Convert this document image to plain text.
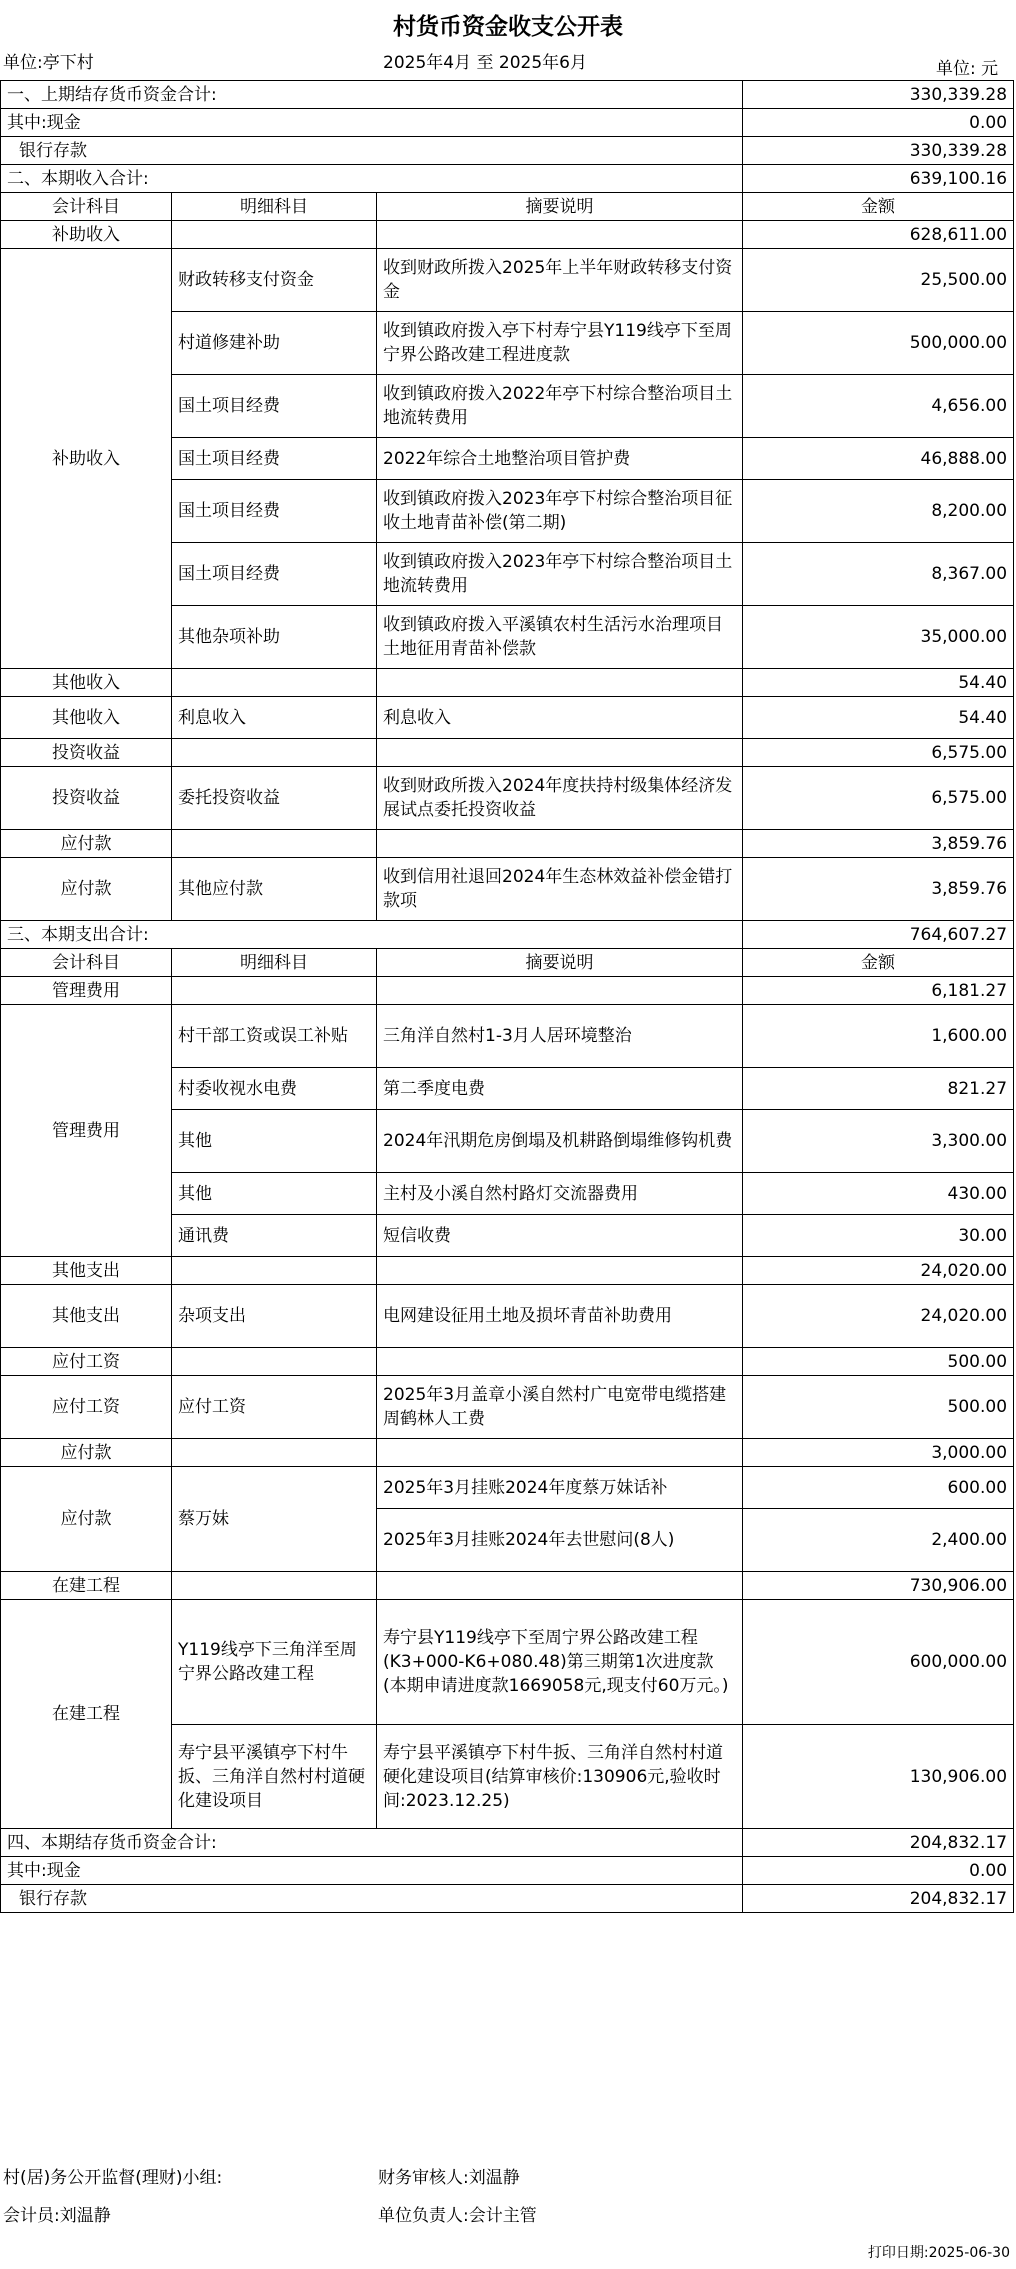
村货币资金收支公开表
单位:亭下村	2025年4月 至 2025年6月	单位: 元
一、上期结存货币资金合计:			330,339.28
其中:现金			0.00
银行存款			330,339.28
二、本期收入合计:			639,100.16
会计科目	明细科目	摘要说明	金额
补助收入			628,611.00
补助收入	财政转移支付资金	收到财政所拨入2025年上半年财政转移支付资金	25,500.00
	村道修建补助	收到镇政府拨入亭下村寿宁县Y119线亭下至周宁界公路改建工程进度款	500,000.00
	国土项目经费	收到镇政府拨入2022年亭下村综合整治项目土地流转费用	4,656.00
	国土项目经费	2022年综合土地整治项目管护费	46,888.00
	国土项目经费	收到镇政府拨入2023年亭下村综合整治项目征收土地青苗补偿(第二期)	8,200.00
	国土项目经费	收到镇政府拨入2023年亭下村综合整治项目土地流转费用	8,367.00
	其他杂项补助	收到镇政府拨入平溪镇农村生活污水治理项目土地征用青苗补偿款	35,000.00
其他收入			54.40
其他收入	利息收入	利息收入	54.40
投资收益			6,575.00
投资收益	委托投资收益	收到财政所拨入2024年度扶持村级集体经济发展试点委托投资收益	6,575.00
应付款			3,859.76
应付款	其他应付款	收到信用社退回2024年生态林效益补偿金错打款项	3,859.76
三、本期支出合计:			764,607.27
会计科目	明细科目	摘要说明	金额
管理费用			6,181.27
管理费用	村干部工资或误工补贴	三角洋自然村1-3月人居环境整治	1,600.00
	村委收视水电费	第二季度电费	821.27
	其他	2024年汛期危房倒塌及机耕路倒塌维修钩机费	3,300.00
	其他	主村及小溪自然村路灯交流器费用	430.00
	通讯费	短信收费	30.00
其他支出			24,020.00
其他支出	杂项支出	电网建设征用土地及损坏青苗补助费用	24,020.00
应付工资			500.00
应付工资	应付工资	2025年3月盖章小溪自然村广电宽带电缆搭建周鹤林人工费	500.00
应付款			3,000.00
应付款	蔡万妹	2025年3月挂账2024年度蔡万妹话补	600.00
		2025年3月挂账2024年去世慰问(8人)	2,400.00
在建工程			730,906.00
在建工程	Y119线亭下三角洋至周宁界公路改建工程	寿宁县Y119线亭下至周宁界公路改建工程(K3+000-K6+080.48)第三期第1次进度款(本期申请进度款1669058元,现支付60万元。)	600,000.00
	寿宁县平溪镇亭下村牛扳、三角洋自然村村道硬化建设项目	寿宁县平溪镇亭下村牛扳、三角洋自然村村道硬化建设项目(结算审核价:130906元,验收时间:2023.12.25)	130,906.00
四、本期结存货币资金合计:			204,832.17
其中:现金			0.00
银行存款			204,832.17
村(居)务公开监督(理财)小组:	财务审核人:刘温静
会计员:刘温静	单位负责人:会计主管
打印日期:2025-06-30
